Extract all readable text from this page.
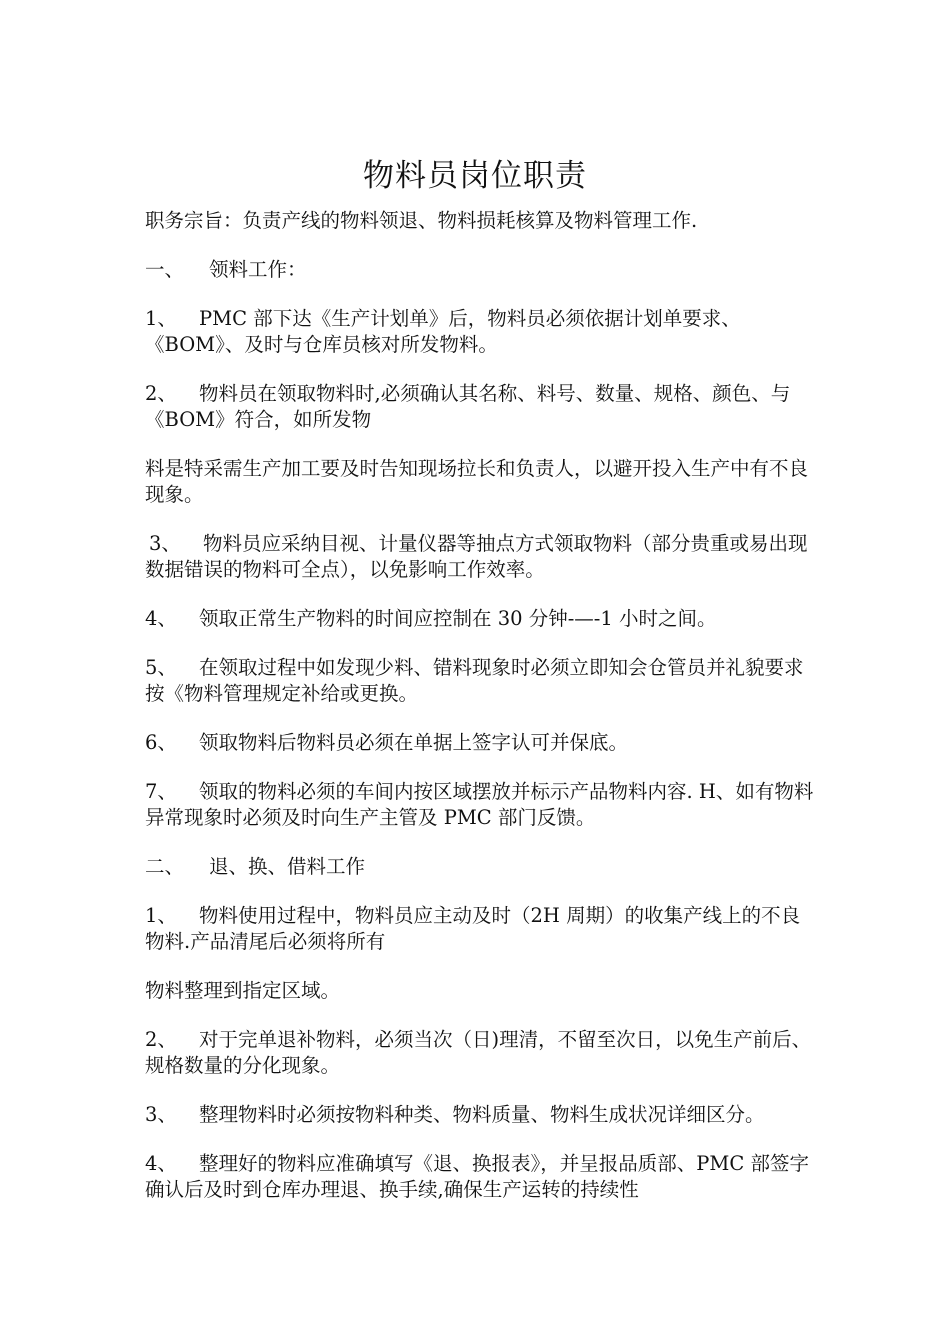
物料员岗位职责

职务宗旨：负责产线的物料领退、物料损耗核算及物料管理工作.

一、 领料工作：

1、 PMC 部下达《生产计划单》后，物料员必须依据计划单要求、《BOM》、及时与仓库员核对所发物料。

2、 物料员在领取物料时,必须确认其名称、料号、数量、规格、颜色、与《BOM》符合，如所发物

料是特采需生产加工要及时告知现场拉长和负责人，以避开投入生产中有不良现象。

3、 物料员应采纳目视、计量仪器等抽点方式领取物料（部分贵重或易出现数据错误的物料可全点），以免影响工作效率。

4、 领取正常生产物料的时间应控制在 30 分钟-—-1 小时之间。

5、 在领取过程中如发现少料、错料现象时必须立即知会仓管员并礼貌要求按《物料管理规定补给或更换。

6、 领取物料后物料员必须在单据上签字认可并保底。

7、 领取的物料必须的车间内按区域摆放并标示产品物料内容. H、如有物料异常现象时必须及时向生产主管及 PMC 部门反馈。

二、 退、换、借料工作

1、 物料使用过程中，物料员应主动及时（2H 周期）的收集产线上的不良物料.产品清尾后必须将所有

物料整理到指定区域。

2、 对于完单退补物料，必须当次（日)理清，不留至次日，以免生产前后、规格数量的分化现象。

3、 整理物料时必须按物料种类、物料质量、物料生成状况详细区分。

4、 整理好的物料应准确填写《退、换报表》，并呈报品质部、PMC 部签字确认后及时到仓库办理退、换手续,确保生产运转的持续性
